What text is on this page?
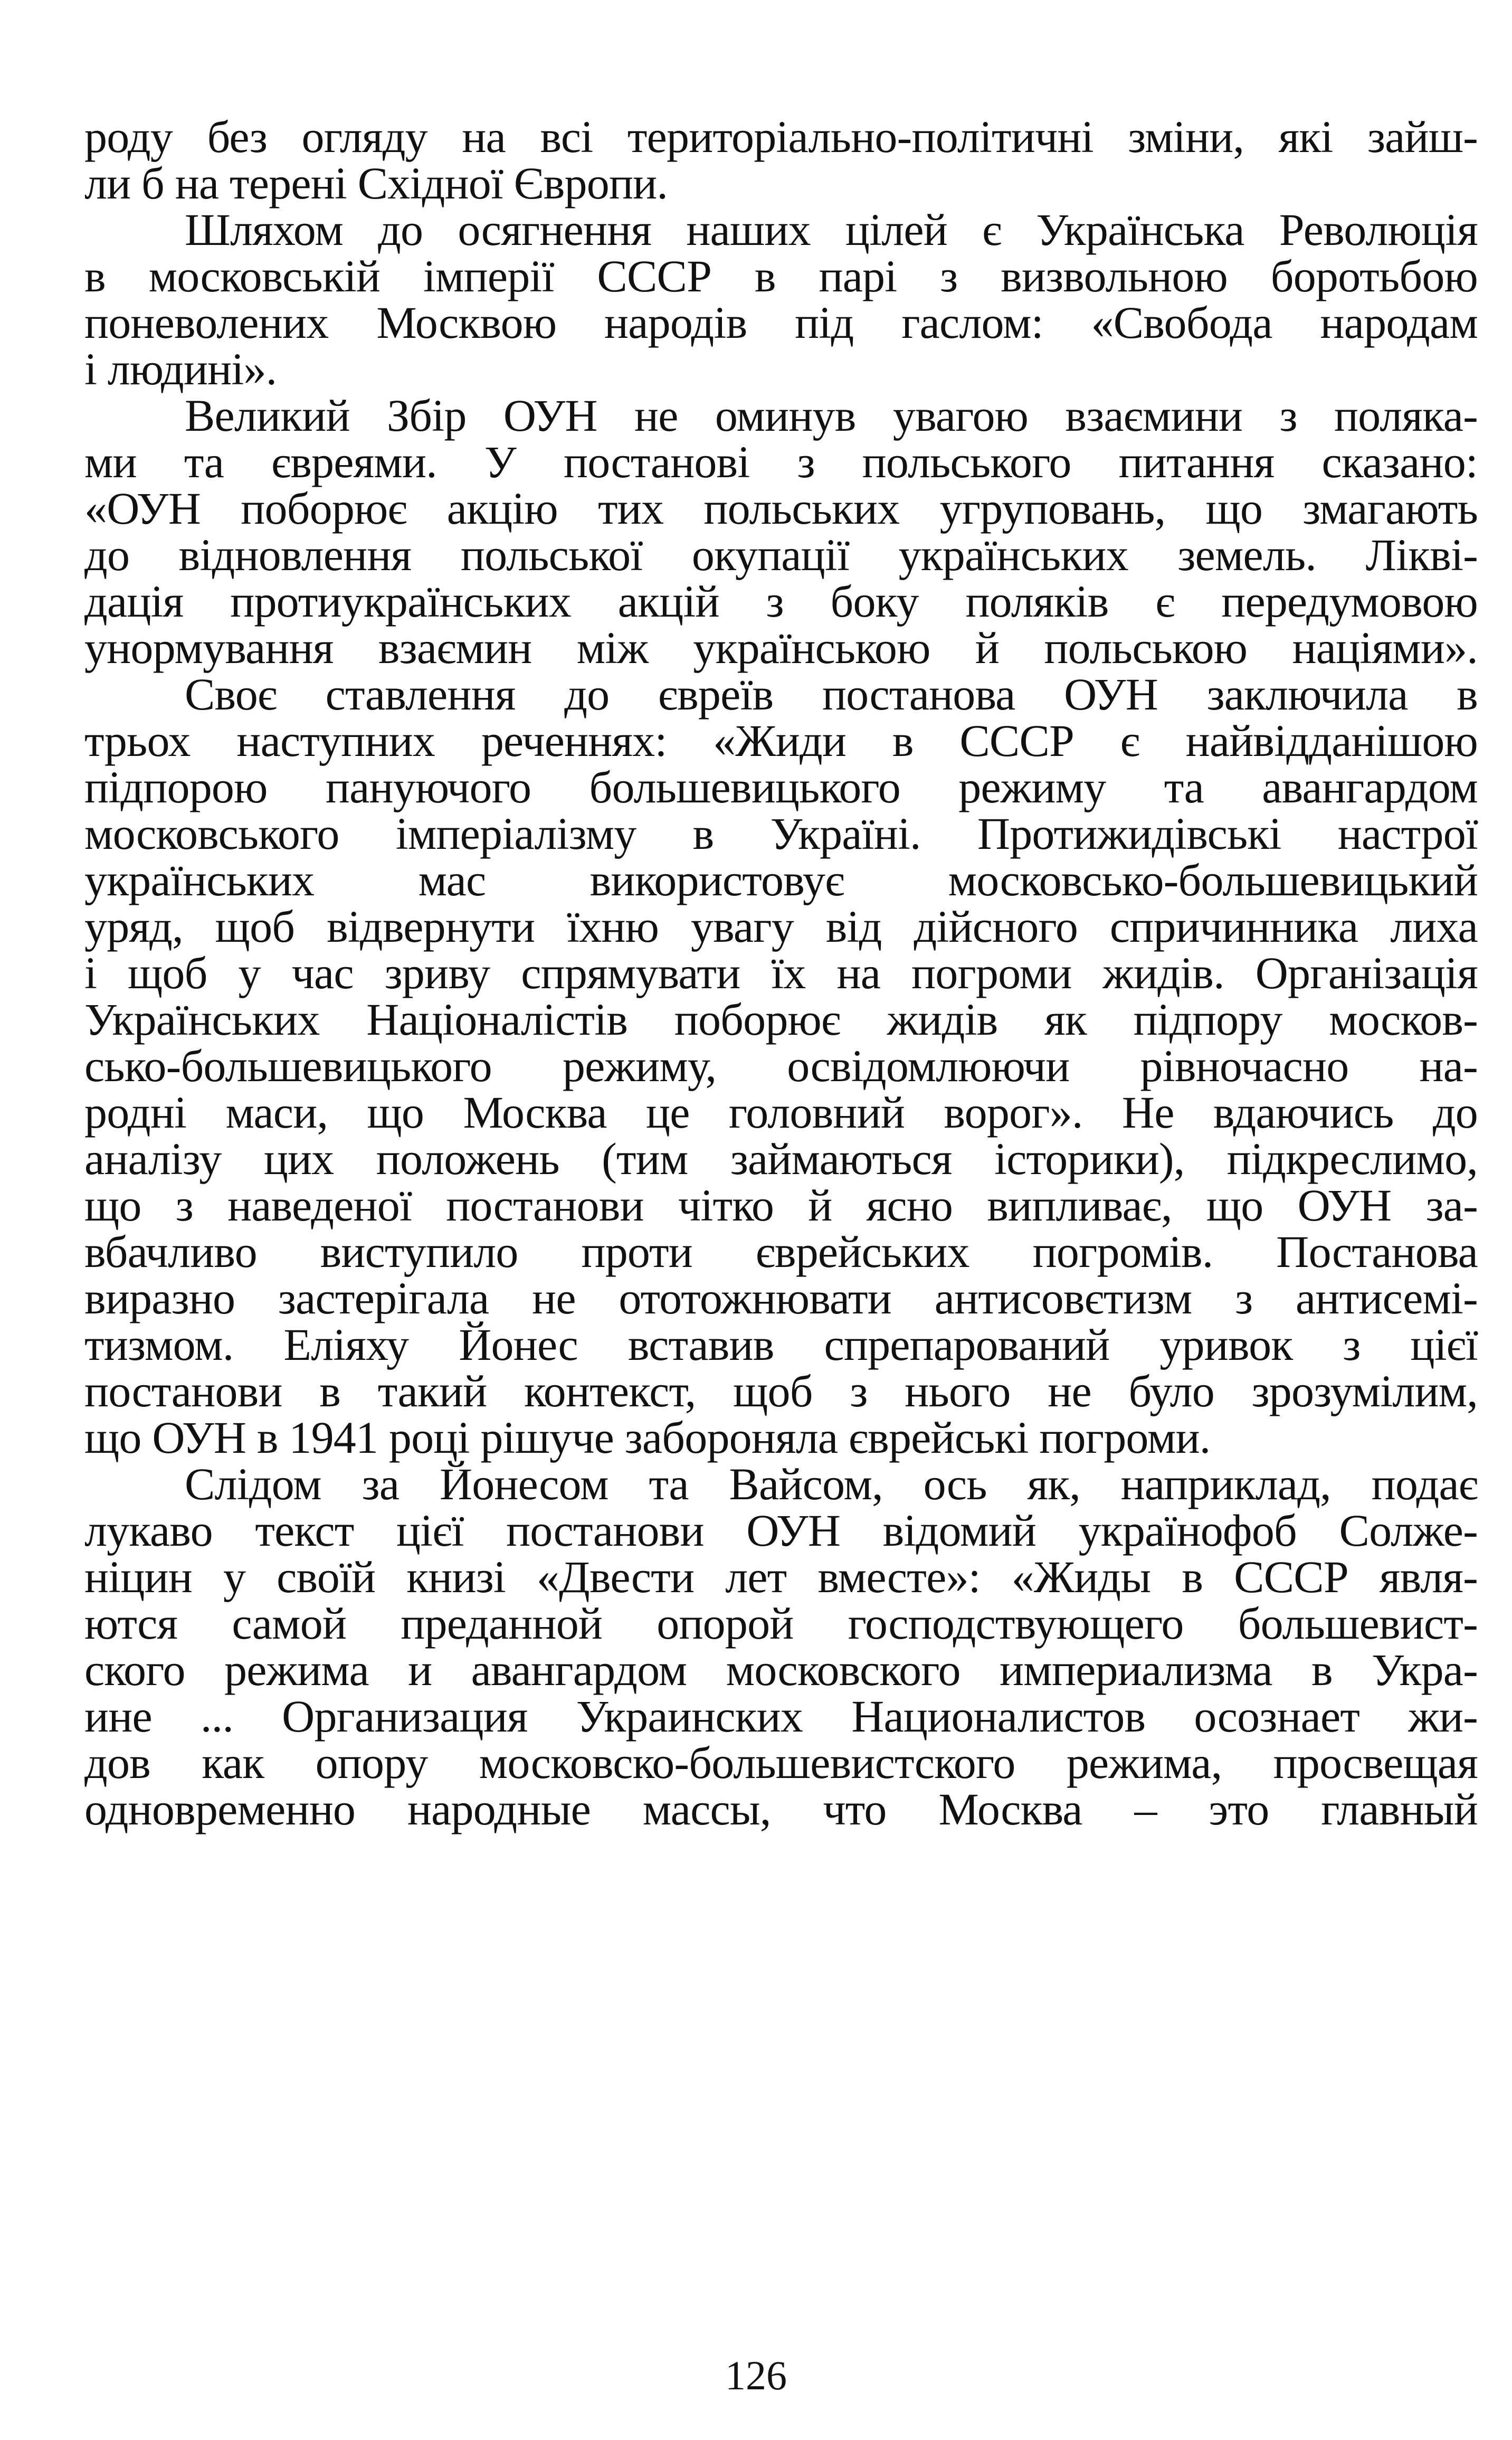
роду без огляду на всі територіально-політичні зміни, які зайш-
ли б на терені Східної Європи.
Шляхом до осягнення наших цілей є Українська Революція
в московській імперії СССР в парі з визвольною боротьбою
поневолених Москвою народів під гаслом: «Свобода народам
і людині».
Великий Збір ОУН не оминув увагою взаємини з поляка-
ми та євреями. У постанові з польського питання сказано:
«ОУН поборює акцію тих польських угруповань, що змагають
до відновлення польської окупації українських земель. Лікві-
дація протиукраїнських акцій з боку поляків є передумовою
унормування взаємин між українською й польською націями».
Своє ставлення до євреїв постанова ОУН заключила в
трьох наступних реченнях: «Жиди в СССР є найвідданішою
підпорою пануючого большевицького режиму та авангардом
московського імперіалізму в Україні. Протижидівські настрої
українських мас використовує московсько-большевицький
уряд, щоб відвернути їхню увагу від дійсного спричинника лиха
і щоб у час зриву спрямувати їх на погроми жидів. Організація
Українських Націоналістів поборює жидів як підпору москов-
сько-большевицького режиму, освідомлюючи рівночасно на-
родні маси, що Москва це головний ворог». Не вдаючись до
аналізу цих положень (тим займаються історики), підкреслимо,
що з наведеної постанови чітко й ясно випливає, що ОУН за-
вбачливо виступило проти єврейських погромів. Постанова
виразно застерігала не ототожнювати антисовєтизм з антисемі-
тизмом. Еліяху Йонес вставив спрепарований уривок з цієї
постанови в такий контекст, щоб з нього не було зрозумілим,
що ОУН в 1941 році рішуче забороняла єврейські погроми.
Слідом за Йонесом та Вайсом, ось як, наприклад, подає
лукаво текст цієї постанови ОУН відомий українофоб Солже-
ніцин у своїй книзі «Двести лет вместе»: «Жиды в СССР явля-
ются самой преданной опорой господствующего большевист-
ского режима и авангардом московского империализма в Укра-
ине ... Организация Украинских Националистов осознает жи-
дов как опору московско-большевистского режима, просвещая
одновременно народные массы, что Москва – это главный
126
